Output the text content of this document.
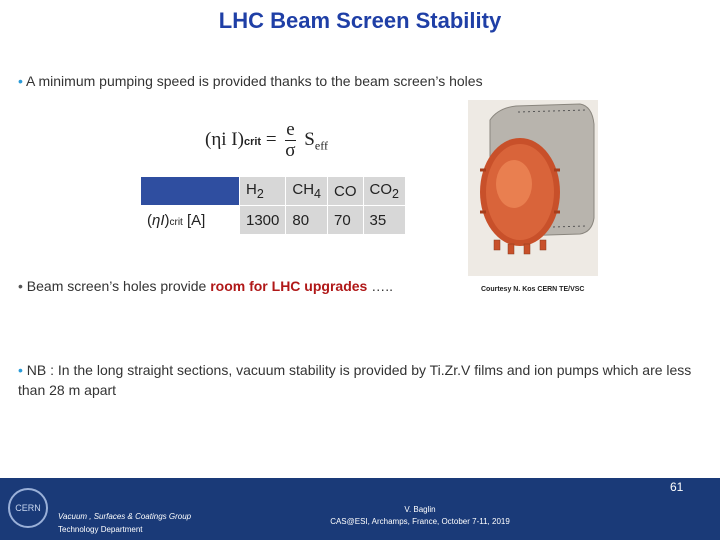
LHC Beam Screen Stability
• A minimum pumping speed is provided thanks to the beam screen’s holes
(ηi I)crit = $\frac{e}{\sigma} S_{eff}$
	$H_2$	$CH_4$	CO	$CO_2$
(ηI)crit [A]	1300	80	70	35
Courtesy N. Kos CERN TE/VSC
• Beam screen’s holes provide room for LHC upgrades …..
• NB : In the long straight sections, vacuum stability is provided by Ti.Zr.V films and ion pumps which are less than 28 m apart
CERN
Vacuum , Surfaces & Coatings Group
Technology Department
V. Baglin
CAS@ESI, Archamps, France, October 7-11, 2019
61
